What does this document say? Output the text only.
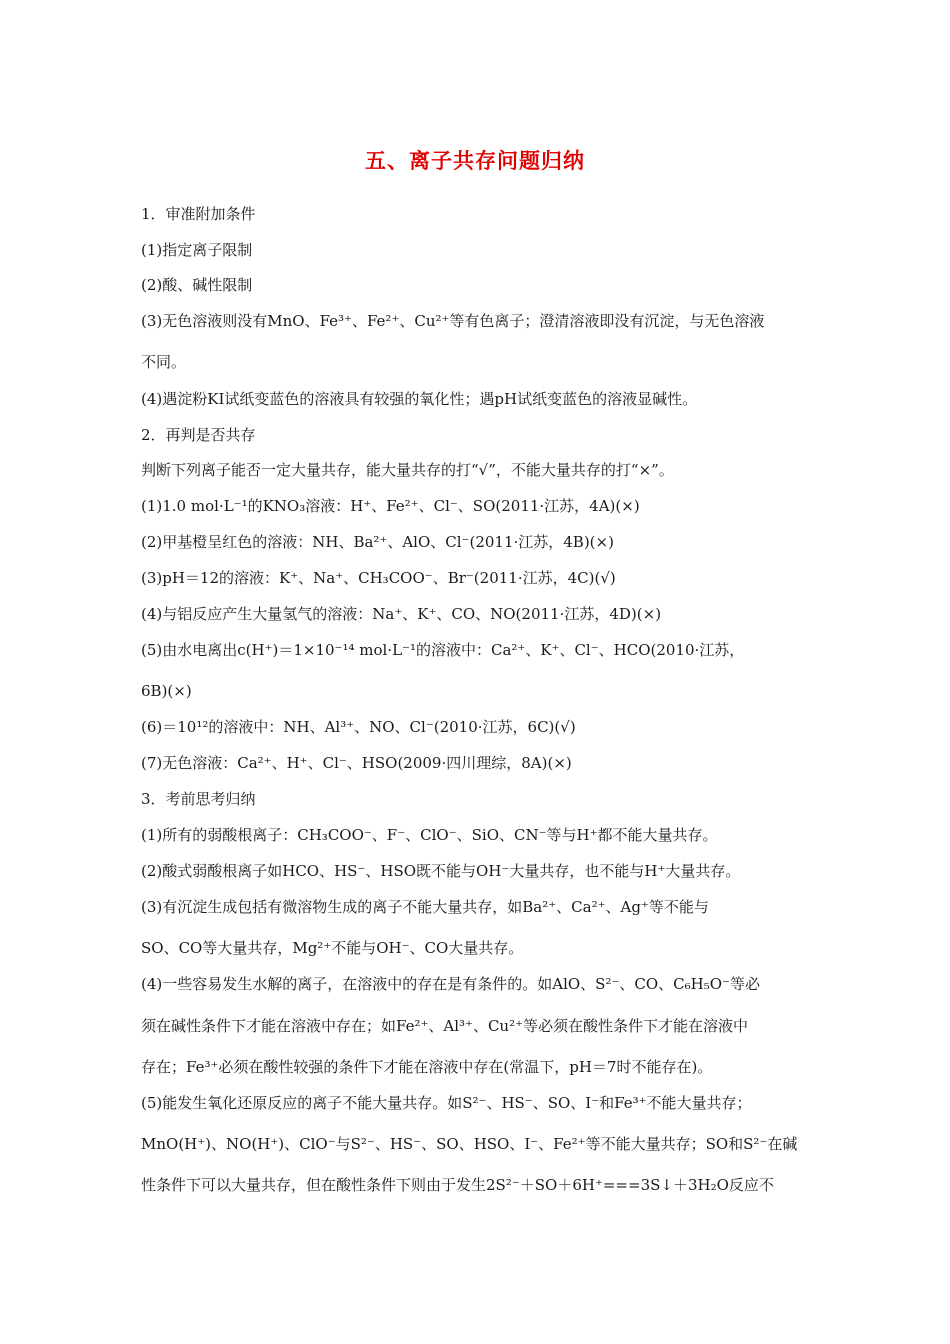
五、离子共存问题归纳
1．审准附加条件
(1)指定离子限制
(2)酸、碱性限制
(3)无色溶液则没有MnO、Fe³⁺、Fe²⁺、Cu²⁺等有色离子；澄清溶液即没有沉淀，与无色溶液
不同。
(4)遇淀粉KI试纸变蓝色的溶液具有较强的氧化性；遇pH试纸变蓝色的溶液显碱性。
2．再判是否共存
判断下列离子能否一定大量共存，能大量共存的打“√”，不能大量共存的打“×”。
(1)1.0 mol·L⁻¹的KNO₃溶液：H⁺、Fe²⁺、Cl⁻、SO(2011·江苏，4A)(×)
(2)甲基橙呈红色的溶液：NH、Ba²⁺、AlO、Cl⁻(2011·江苏，4B)(×)
(3)pH＝12的溶液：K⁺、Na⁺、CH₃COO⁻、Br⁻(2011·江苏，4C)(√)
(4)与铝反应产生大量氢气的溶液：Na⁺、K⁺、CO、NO(2011·江苏，4D)(×)
(5)由水电离出c(H⁺)＝1×10⁻¹⁴ mol·L⁻¹的溶液中：Ca²⁺、K⁺、Cl⁻、HCO(2010·江苏，
6B)(×)
(6)＝10¹²的溶液中：NH、Al³⁺、NO、Cl⁻(2010·江苏，6C)(√)
(7)无色溶液：Ca²⁺、H⁺、Cl⁻、HSO(2009·四川理综，8A)(×)
3．考前思考归纳
(1)所有的弱酸根离子：CH₃COO⁻、F⁻、ClO⁻、SiO、CN⁻等与H⁺都不能大量共存。
(2)酸式弱酸根离子如HCO、HS⁻、HSO既不能与OH⁻大量共存，也不能与H⁺大量共存。
(3)有沉淀生成包括有微溶物生成的离子不能大量共存，如Ba²⁺、Ca²⁺、Ag⁺等不能与
SO、CO等大量共存，Mg²⁺不能与OH⁻、CO大量共存。
(4)一些容易发生水解的离子，在溶液中的存在是有条件的。如AlO、S²⁻、CO、C₆H₅O⁻等必
须在碱性条件下才能在溶液中存在；如Fe²⁺、Al³⁺、Cu²⁺等必须在酸性条件下才能在溶液中
存在；Fe³⁺必须在酸性较强的条件下才能在溶液中存在(常温下，pH＝7时不能存在)。
(5)能发生氧化还原反应的离子不能大量共存。如S²⁻、HS⁻、SO、I⁻和Fe³⁺不能大量共存；
MnO(H⁺)、NO(H⁺)、ClO⁻与S²⁻、HS⁻、SO、HSO、I⁻、Fe²⁺等不能大量共存；SO和S²⁻在碱
性条件下可以大量共存，但在酸性条件下则由于发生2S²⁻＋SO＋6H⁺===3S↓＋3H₂O反应不
